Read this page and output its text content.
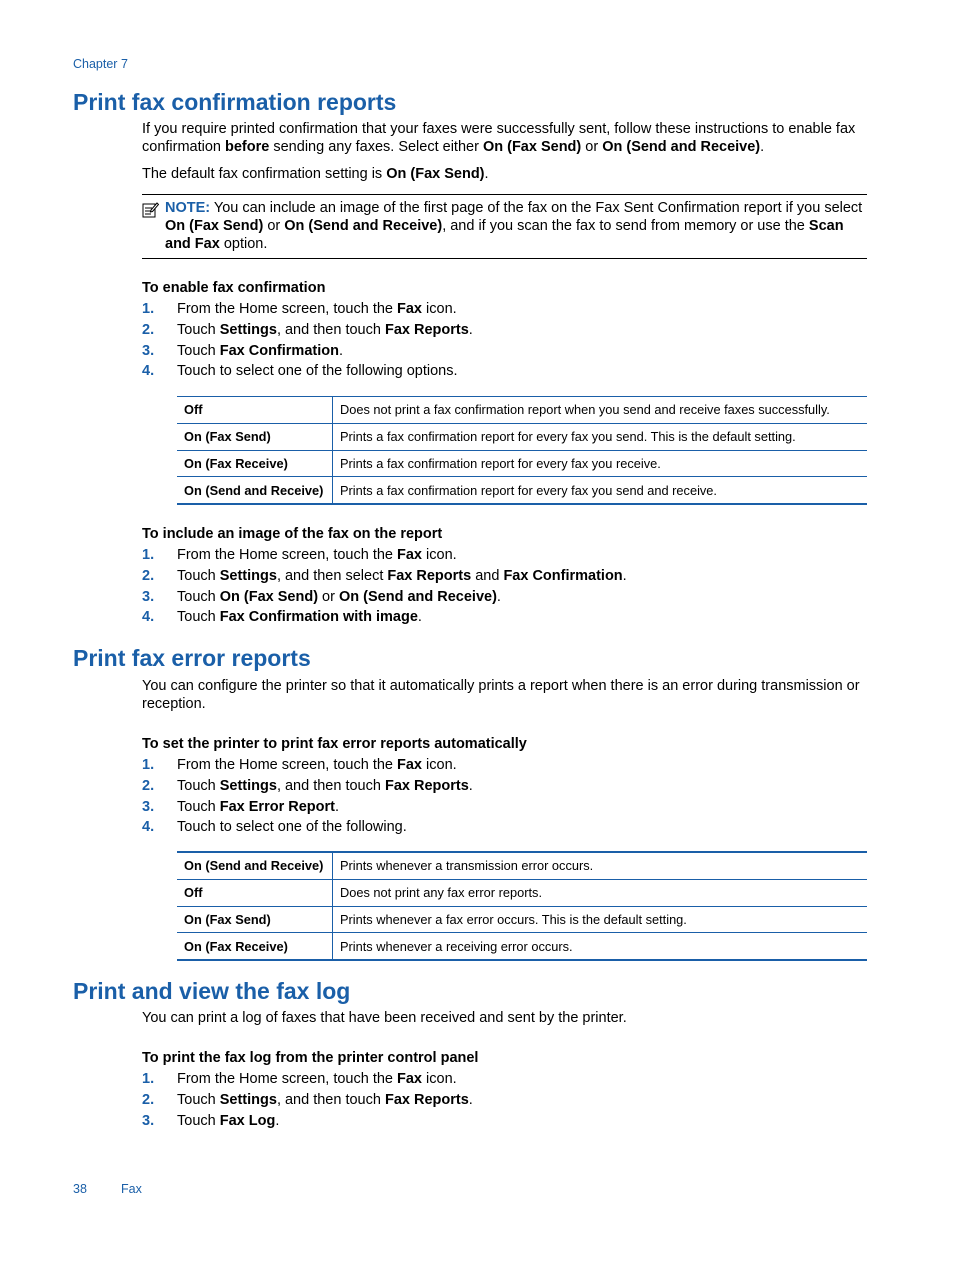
Chapter 7
Print fax confirmation reports

If you require printed confirmation that your faxes were successfully sent, follow these instructions to enable fax confirmation before sending any faxes. Select either On (Fax Send) or On (Send and Receive).

The default fax confirmation setting is On (Fax Send).

NOTE: You can include an image of the first page of the fax on the Fax Sent Confirmation report if you select On (Fax Send) or On (Send and Receive), and if you scan the fax to send from memory or use the Scan and Fax option.
To enable fax confirmation
1.	From the Home screen, touch the Fax icon.
2.	Touch Settings, and then touch Fax Reports.
3.	Touch Fax Confirmation.
4.	Touch to select one of the following options.
Off	Does not print a fax confirmation report when you send and receive faxes successfully.
On (Fax Send)	Prints a fax confirmation report for every fax you send. This is the default setting.
On (Fax Receive)	Prints a fax confirmation report for every fax you receive.
On (Send and Receive)	Prints a fax confirmation report for every fax you send and receive.
To include an image of the fax on the report
1.	From the Home screen, touch the Fax icon.
2.	Touch Settings, and then select Fax Reports and Fax Confirmation.
3.	Touch On (Fax Send) or On (Send and Receive).
4.	Touch Fax Confirmation with image.
Print fax error reports

You can configure the printer so that it automatically prints a report when there is an error during transmission or reception.

To set the printer to print fax error reports automatically
1.	From the Home screen, touch the Fax icon.
2.	Touch Settings, and then touch Fax Reports.
3.	Touch Fax Error Report.
4.	Touch to select one of the following.
On (Send and Receive)	Prints whenever a transmission error occurs.
Off	Does not print any fax error reports.
On (Fax Send)	Prints whenever a fax error occurs. This is the default setting.
On (Fax Receive)	Prints whenever a receiving error occurs.
Print and view the fax log

You can print a log of faxes that have been received and sent by the printer.

To print the fax log from the printer control panel
1.	From the Home screen, touch the Fax icon.
2.	Touch Settings, and then touch Fax Reports.
3.	Touch Fax Log.
38	Fax
